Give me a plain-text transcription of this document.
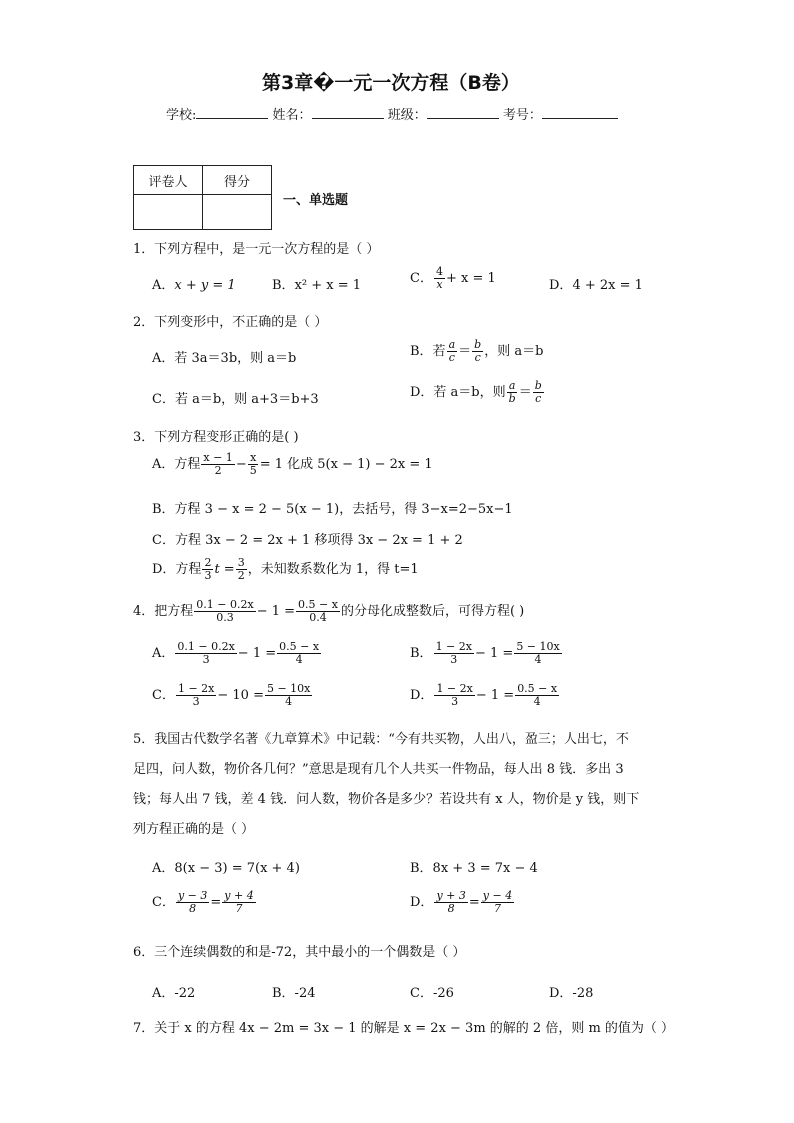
第3章�一元一次方程（B卷）
学校:	姓名：	班级：	考号：
评卷人	得分

一、单选题
1．下列方程中，是一元一次方程的是（ ）
A．x + y = 1	B．x² + x = 1	C． $\frac{4}{x} + x = 1$	D．4 + 2x = 1
2．下列变形中，不正确的是（ ）
A．若 3a＝3b，则 a＝b	B．若 $\frac{a}{c} = \frac{b}{c}$ ，则 a＝b
C．若 a＝b，则 a+3＝b+3	D．若 a＝b，则 $\frac{a}{b} = \frac{b}{c}$
3．下列方程变形正确的是( )
A．方程 $\frac{x - 1}{2} - \frac{x}{5} = 1$ 化成 5(x − 1) − 2x = 1
B．方程 3 − x = 2 − 5(x − 1)，去括号，得 3−x=2−5x−1
C．方程 3x − 2 = 2x + 1 移项得 3x − 2x = 1 + 2
D．方程 $\frac{2}{3}$ $t = \frac{3}{2}$ ，未知数系数化为 1，得 t=1
4．把方程 $\frac{0.1 - 0.2x}{0.3} - 1 = \frac{0.5 - x}{0.4}$ 的分母化成整数后，可得方程( )
A． $\frac{0.1 - 0.2x}{3} - 1 = \frac{0.5 - x}{4}$	B． $\frac{1 - 2x}{3} - 1 = \frac{5 - 10x}{4}$
C． $\frac{1 - 2x}{3} - 10 = \frac{5 - 10x}{4}$	D． $\frac{1 - 2x}{3} - 1 = \frac{0.5 - x}{4}$
5．我国古代数学名著《九章算术》中记载：“今有共买物，人出八，盈三；人出七，不
足四，问人数，物价各几何？”意思是现有几个人共买一件物品，每人出 8 钱．多出 3
钱；每人出 7 钱，差 4 钱．问人数，物价各是多少？若设共有 x 人，物价是 y 钱，则下
列方程正确的是（ ）
A．8(x − 3) = 7(x + 4)	B．8x + 3 = 7x − 4
C． $\frac{y - 3}{8} = \frac{y + 4}{7}$	D． $\frac{y + 3}{8} = \frac{y - 4}{7}$
6．三个连续偶数的和是-72，其中最小的一个偶数是（ ）
A．-22	B．-24	C．-26	D．-28
7．关于 x 的方程 4x − 2m = 3x − 1 的解是 x = 2x − 3m 的解的 2 倍，则 m 的值为（ ）
